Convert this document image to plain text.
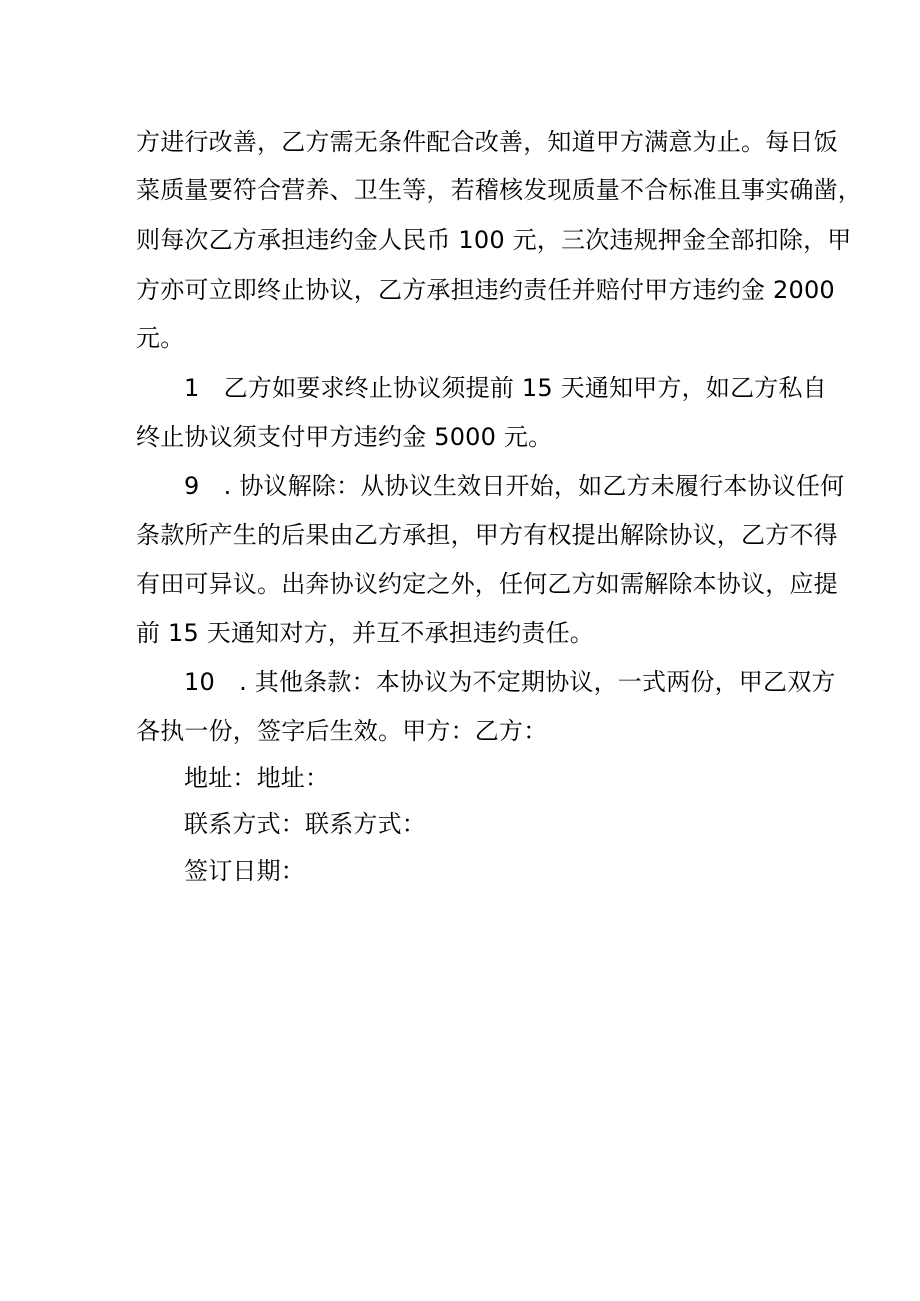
方进行改善，乙方需无条件配合改善，知道甲方满意为止。每日饭
菜质量要符合营养、卫生等，若稽核发现质量不合标准且事实确凿，
则每次乙方承担违约金人民币 100 元，三次违规押金全部扣除，甲
方亦可立即终止协议，乙方承担违约责任并赔付甲方违约金 2000
元。
1　乙方如要求终止协议须提前 15 天通知甲方，如乙方私自
终止协议须支付甲方违约金 5000 元。
9　. 协议解除：从协议生效日开始，如乙方未履行本协议任何
条款所产生的后果由乙方承担，甲方有权提出解除协议，乙方不得
有田可异议。出奔协议约定之外，任何乙方如需解除本协议，应提
前 15 天通知对方，并互不承担违约责任。
10　. 其他条款：本协议为不定期协议，一式两份，甲乙双方
各执一份，签字后生效。甲方：乙方：
地址：地址：
联系方式：联系方式：
签订日期：
